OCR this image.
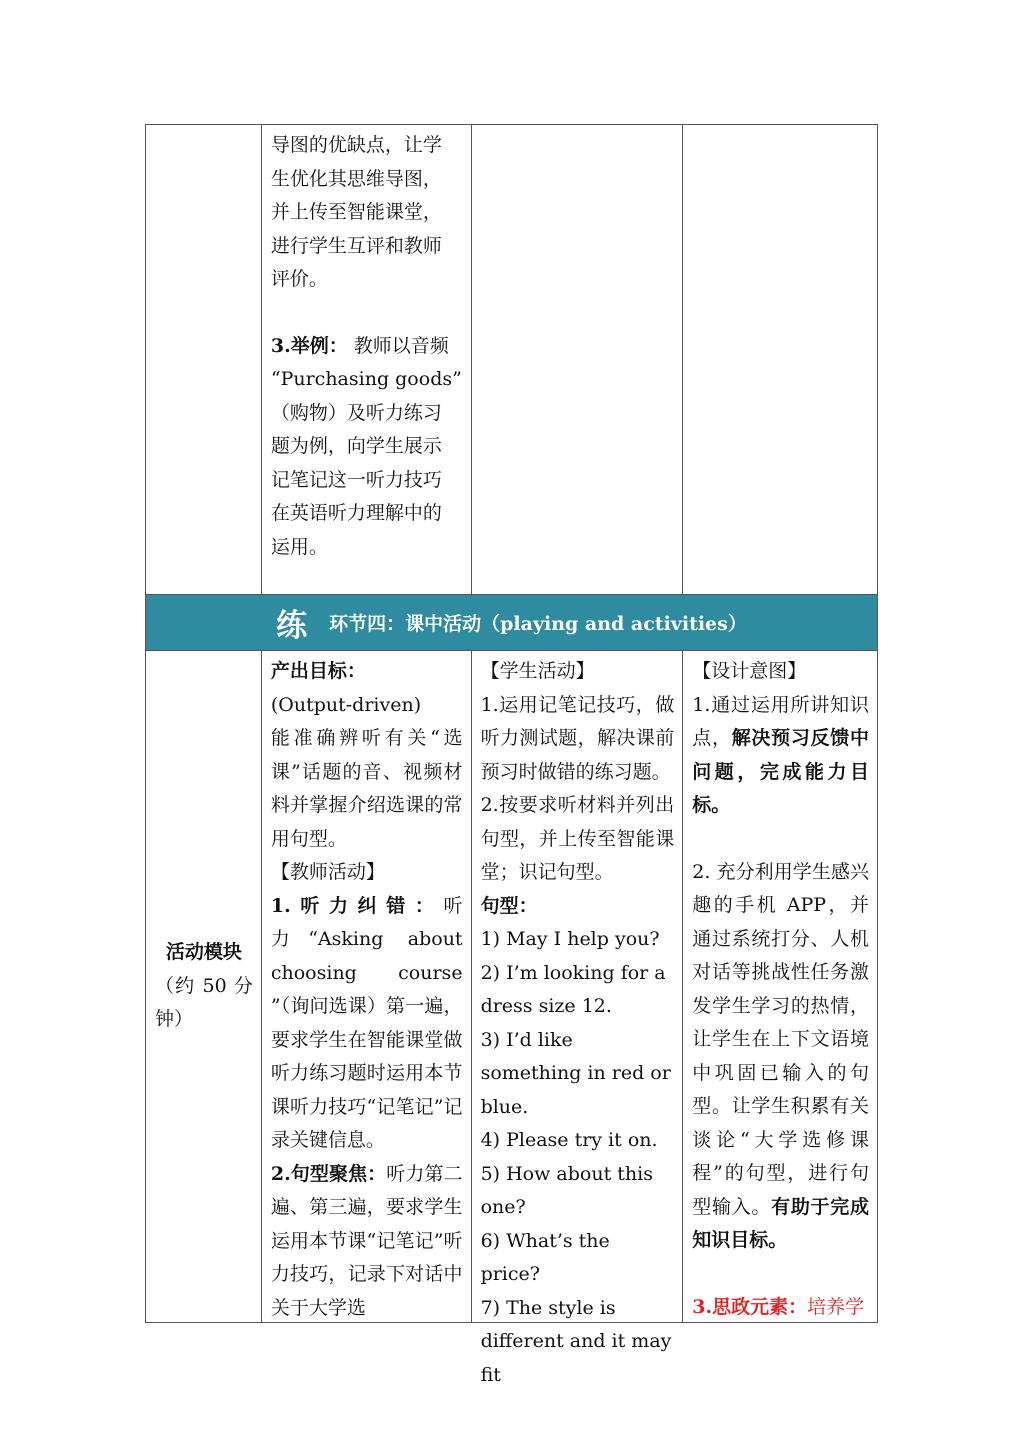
导图的优缺点，让学

生优化其思维导图，

并上传至智能课堂，

进行学生互评和教师

评价。

3.举例： 教师以音频

“Purchasing goods”

（购物）及听力练习

题为例，向学生展示

记笔记这一听力技巧

在英语听力理解中的

运用。

练 环节四：课中活动（playing and activities）

活动模块

（约 50 分钟）

产出目标：

(Output-driven)

能准确辨听有关“选课”话题的音、视频材料并掌握介绍选课的常用句型。

【教师活动】

1.听力纠错：听力“Asking about choosing course ”（询问选课）第一遍，要求学生在智能课堂做听力练习题时运用本节课听力技巧“记笔记”记录关键信息。

2.句型聚焦：听力第二遍、第三遍，要求学生运用本节课“记笔记”听力技巧，记录下对话中关于大学选

【学生活动】

1.运用记笔记技巧，做听力测试题，解决课前预习时做错的练习题。

2.按要求听材料并列出句型，并上传至智能课堂；识记句型。

句型：

1) May I help you?

2) I’m looking for a dress size 12.

3) I’d like something in red or blue.

4) Please try it on.

5) How about this one?

6) What’s the price?

7) The style is different and it may fit

【设计意图】

1.通过运用所讲知识点，解决预习反馈中问题，完成能力目标。

2. 充分利用学生感兴趣的手机 APP，并通过系统打分、人机对话等挑战性任务激发学生学习的热情，让学生在上下文语境中巩固已输入的句型。让学生积累有关谈论“大学选修课程”的句型，进行句型输入。有助于完成知识目标。

3.思政元素：培养学
